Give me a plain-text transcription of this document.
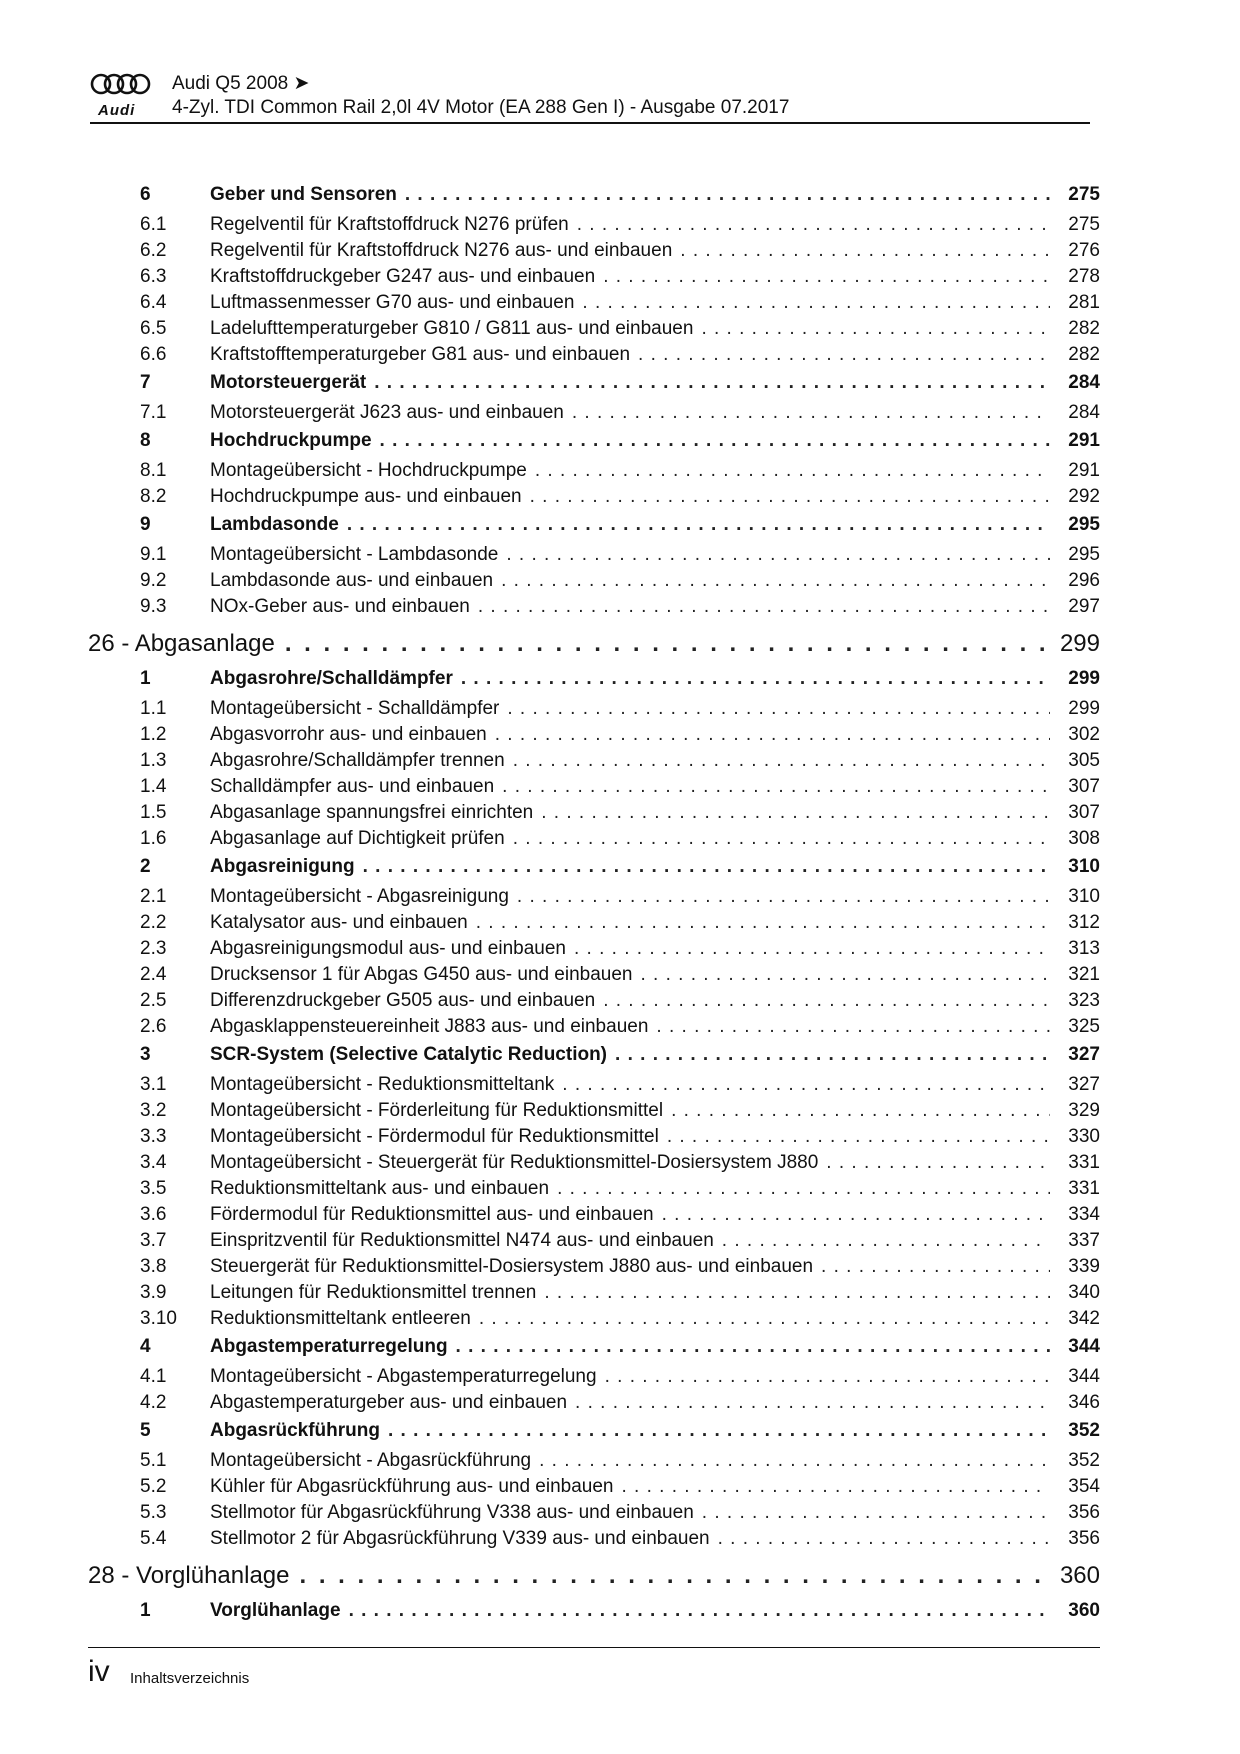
Audi
Audi Q5 2008 ➤
4-Zyl. TDI Common Rail 2,0l 4V Motor (EA 288 Gen I) - Ausgabe 07.2017
6	Geber und Sensoren . . .	275
6.1	Regelventil für Kraftstoffdruck N276 prüfen . . .	275
6.2	Regelventil für Kraftstoffdruck N276 aus- und einbauen . . .	276
6.3	Kraftstoffdruckgeber G247 aus- und einbauen . . .	278
6.4	Luftmassenmesser G70 aus- und einbauen . . .	281
6.5	Ladelufttemperaturgeber G810 / G811 aus- und einbauen . . .	282
6.6	Kraftstofftemperaturgeber G81 aus- und einbauen . . .	282
7	Motorsteuergerät . . .	284
7.1	Motorsteuergerät J623 aus- und einbauen . . .	284
8	Hochdruckpumpe . . .	291
8.1	Montageübersicht - Hochdruckpumpe . . .	291
8.2	Hochdruckpumpe aus- und einbauen . . .	292
9	Lambdasonde . . .	295
9.1	Montageübersicht - Lambdasonde . . .	295
9.2	Lambdasonde aus- und einbauen . . .	296
9.3	NOx-Geber aus- und einbauen . . .	297
26 - Abgasanlage . . .	299
1	Abgasrohre/Schalldämpfer . . .	299
1.1	Montageübersicht - Schalldämpfer . . .	299
1.2	Abgasvorrohr aus- und einbauen . . .	302
1.3	Abgasrohre/Schalldämpfer trennen . . .	305
1.4	Schalldämpfer aus- und einbauen . . .	307
1.5	Abgasanlage spannungsfrei einrichten . . .	307
1.6	Abgasanlage auf Dichtigkeit prüfen . . .	308
2	Abgasreinigung . . .	310
2.1	Montageübersicht - Abgasreinigung . . .	310
2.2	Katalysator aus- und einbauen . . .	312
2.3	Abgasreinigungsmodul aus- und einbauen . . .	313
2.4	Drucksensor 1 für Abgas G450 aus- und einbauen . . .	321
2.5	Differenzdruckgeber G505 aus- und einbauen . . .	323
2.6	Abgasklappensteuereinheit J883 aus- und einbauen . . .	325
3	SCR-System (Selective Catalytic Reduction) . . .	327
3.1	Montageübersicht - Reduktionsmitteltank . . .	327
3.2	Montageübersicht - Förderleitung für Reduktionsmittel . . .	329
3.3	Montageübersicht - Fördermodul für Reduktionsmittel . . .	330
3.4	Montageübersicht - Steuergerät für Reduktionsmittel-Dosiersystem J880 . . .	331
3.5	Reduktionsmitteltank aus- und einbauen . . .	331
3.6	Fördermodul für Reduktionsmittel aus- und einbauen . . .	334
3.7	Einspritzventil für Reduktionsmittel N474 aus- und einbauen . . .	337
3.8	Steuergerät für Reduktionsmittel-Dosiersystem J880 aus- und einbauen . . .	339
3.9	Leitungen für Reduktionsmittel trennen . . .	340
3.10	Reduktionsmitteltank entleeren . . .	342
4	Abgastemperaturregelung . . .	344
4.1	Montageübersicht - Abgastemperaturregelung . . .	344
4.2	Abgastemperaturgeber aus- und einbauen . . .	346
5	Abgasrückführung . . .	352
5.1	Montageübersicht - Abgasrückführung . . .	352
5.2	Kühler für Abgasrückführung aus- und einbauen . . .	354
5.3	Stellmotor für Abgasrückführung V338 aus- und einbauen . . .	356
5.4	Stellmotor 2 für Abgasrückführung V339 aus- und einbauen . . .	356
28 - Vorglühanlage . . .	360
1	Vorglühanlage . . .	360
iv Inhaltsverzeichnis
